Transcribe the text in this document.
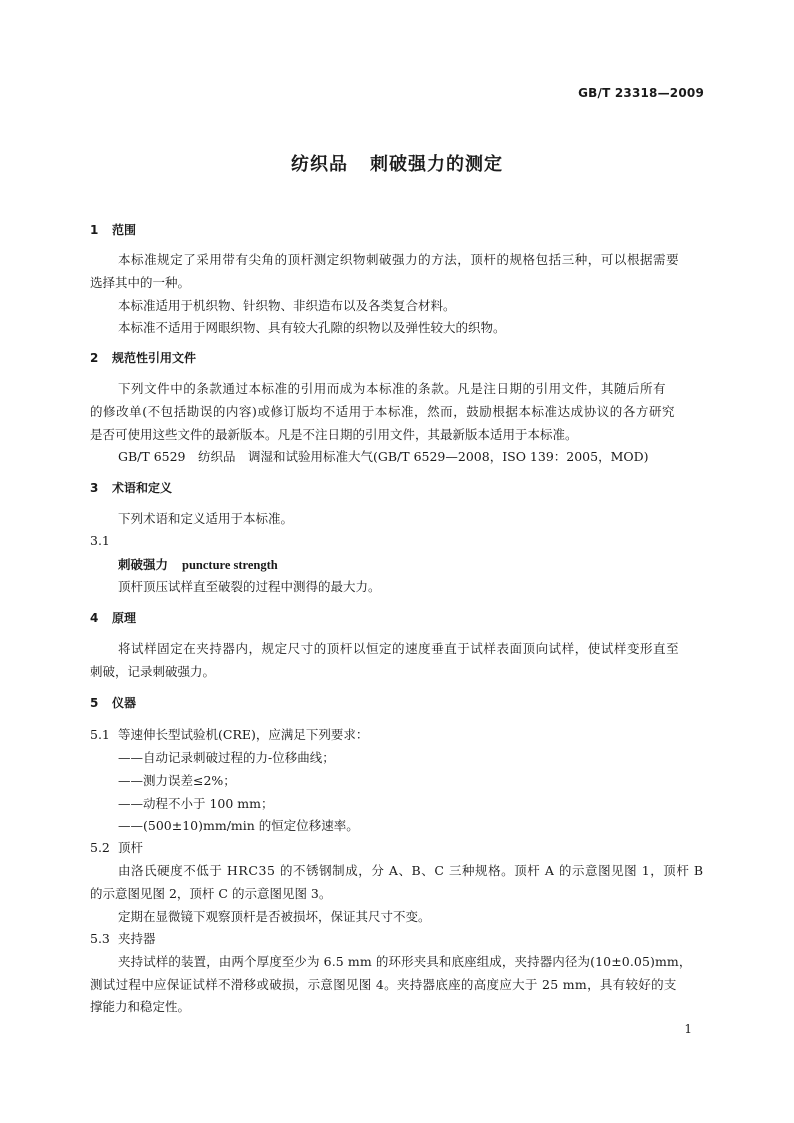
GB/T 23318—2009
纺织品 刺破强力的测定
1 范围
本标准规定了采用带有尖角的顶杆测定织物刺破强力的方法，顶杆的规格包括三种，可以根据需要
选择其中的一种。
本标准适用于机织物、针织物、非织造布以及各类复合材料。
本标准不适用于网眼织物、具有较大孔隙的织物以及弹性较大的织物。
2 规范性引用文件
下列文件中的条款通过本标准的引用而成为本标准的条款。凡是注日期的引用文件，其随后所有
的修改单(不包括勘误的内容)或修订版均不适用于本标准，然而，鼓励根据本标准达成协议的各方研究
是否可使用这些文件的最新版本。凡是不注日期的引用文件，其最新版本适用于本标准。
GB/T 6529　纺织品　调湿和试验用标准大气(GB/T 6529—2008，ISO 139：2005，MOD)
3 术语和定义
下列术语和定义适用于本标准。
3.1
刺破强力 puncture strength
顶杆顶压试样直至破裂的过程中测得的最大力。
4 原理
将试样固定在夹持器内，规定尺寸的顶杆以恒定的速度垂直于试样表面顶向试样，使试样变形直至
刺破，记录刺破强力。
5 仪器
5.1 等速伸长型试验机(CRE)，应满足下列要求：
——自动记录刺破过程的力-位移曲线；
——测力误差≤2%；
——动程不小于 100 mm；
——(500±10)mm/min 的恒定位移速率。
5.2 顶杆
由洛氏硬度不低于 HRC35 的不锈钢制成，分 A、B、C 三种规格。顶杆 A 的示意图见图 1，顶杆 B
的示意图见图 2，顶杆 C 的示意图见图 3。
定期在显微镜下观察顶杆是否被损坏，保证其尺寸不变。
5.3 夹持器
夹持试样的装置，由两个厚度至少为 6.5 mm 的环形夹具和底座组成，夹持器内径为(10±0.05)mm，
测试过程中应保证试样不滑移或破损，示意图见图 4。夹持器底座的高度应大于 25 mm，具有较好的支
撑能力和稳定性。
1
